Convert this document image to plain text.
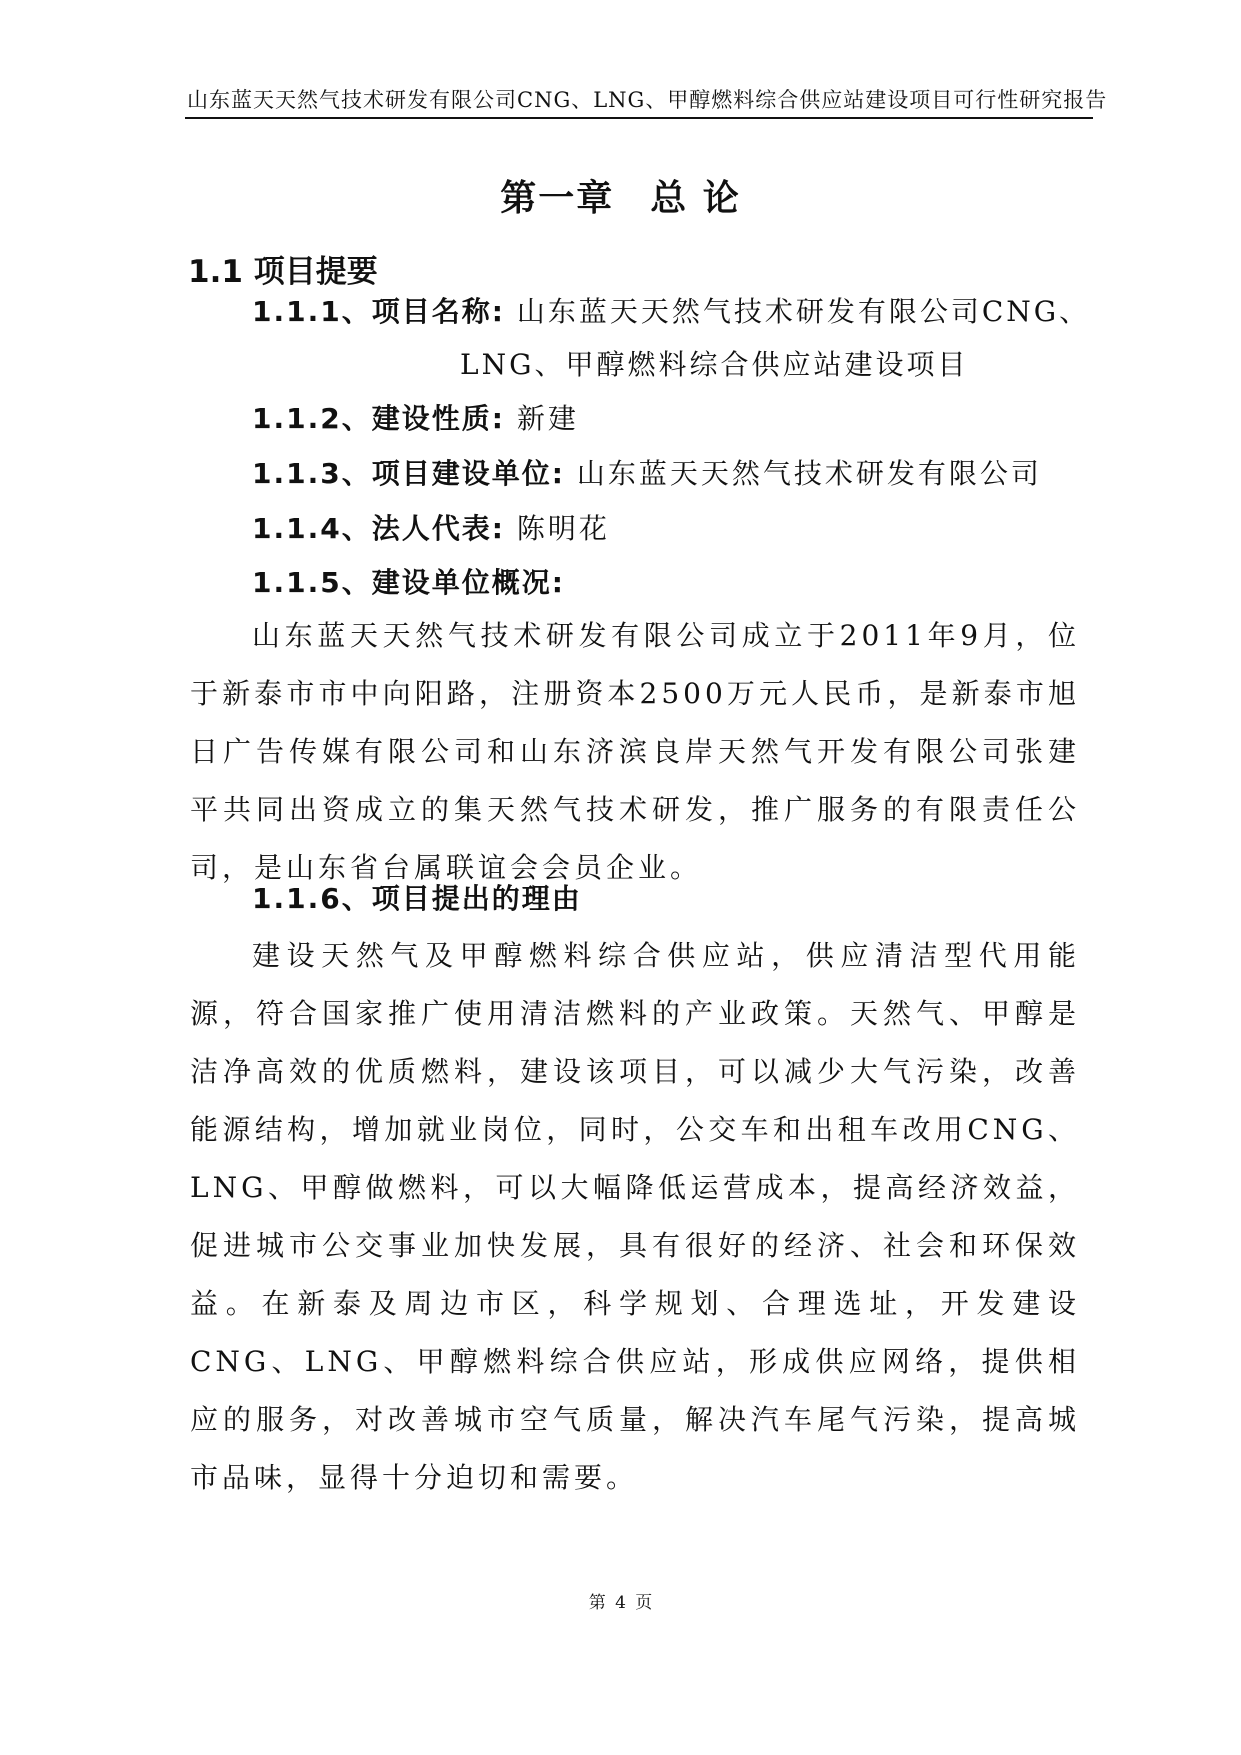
山东蓝天天然气技术研发有限公司CNG、LNG、甲醇燃料综合供应站建设项目可行性研究报告
第一章 总 论
1.1 项目提要
1.1.1、项目名称: 山东蓝天天然气技术研发有限公司CNG、
LNG、甲醇燃料综合供应站建设项目
1.1.2、建设性质: 新建
1.1.3、项目建设单位: 山东蓝天天然气技术研发有限公司
1.1.4、法人代表: 陈明花
1.1.5、建设单位概况:

山东蓝天天然气技术研发有限公司成立于2011年9月，位于新泰市市中向阳路，注册资本2500万元人民币，是新泰市旭日广告传媒有限公司和山东济滨良岸天然气开发有限公司张建平共同出资成立的集天然气技术研发，推广服务的有限责任公司，是山东省台属联谊会会员企业。

1.1.6、项目提出的理由

建设天然气及甲醇燃料综合供应站，供应清洁型代用能源，符合国家推广使用清洁燃料的产业政策。天然气、甲醇是洁净高效的优质燃料，建设该项目，可以减少大气污染，改善能源结构，增加就业岗位，同时，公交车和出租车改用CNG、LNG、甲醇做燃料，可以大幅降低运营成本，提高经济效益，促进城市公交事业加快发展，具有很好的经济、社会和环保效益。在新泰及周边市区，科学规划、合理选址，开发建设CNG、LNG、甲醇燃料综合供应站，形成供应网络，提供相应的服务，对改善城市空气质量，解决汽车尾气污染，提高城市品味，显得十分迫切和需要。

第 4 页
